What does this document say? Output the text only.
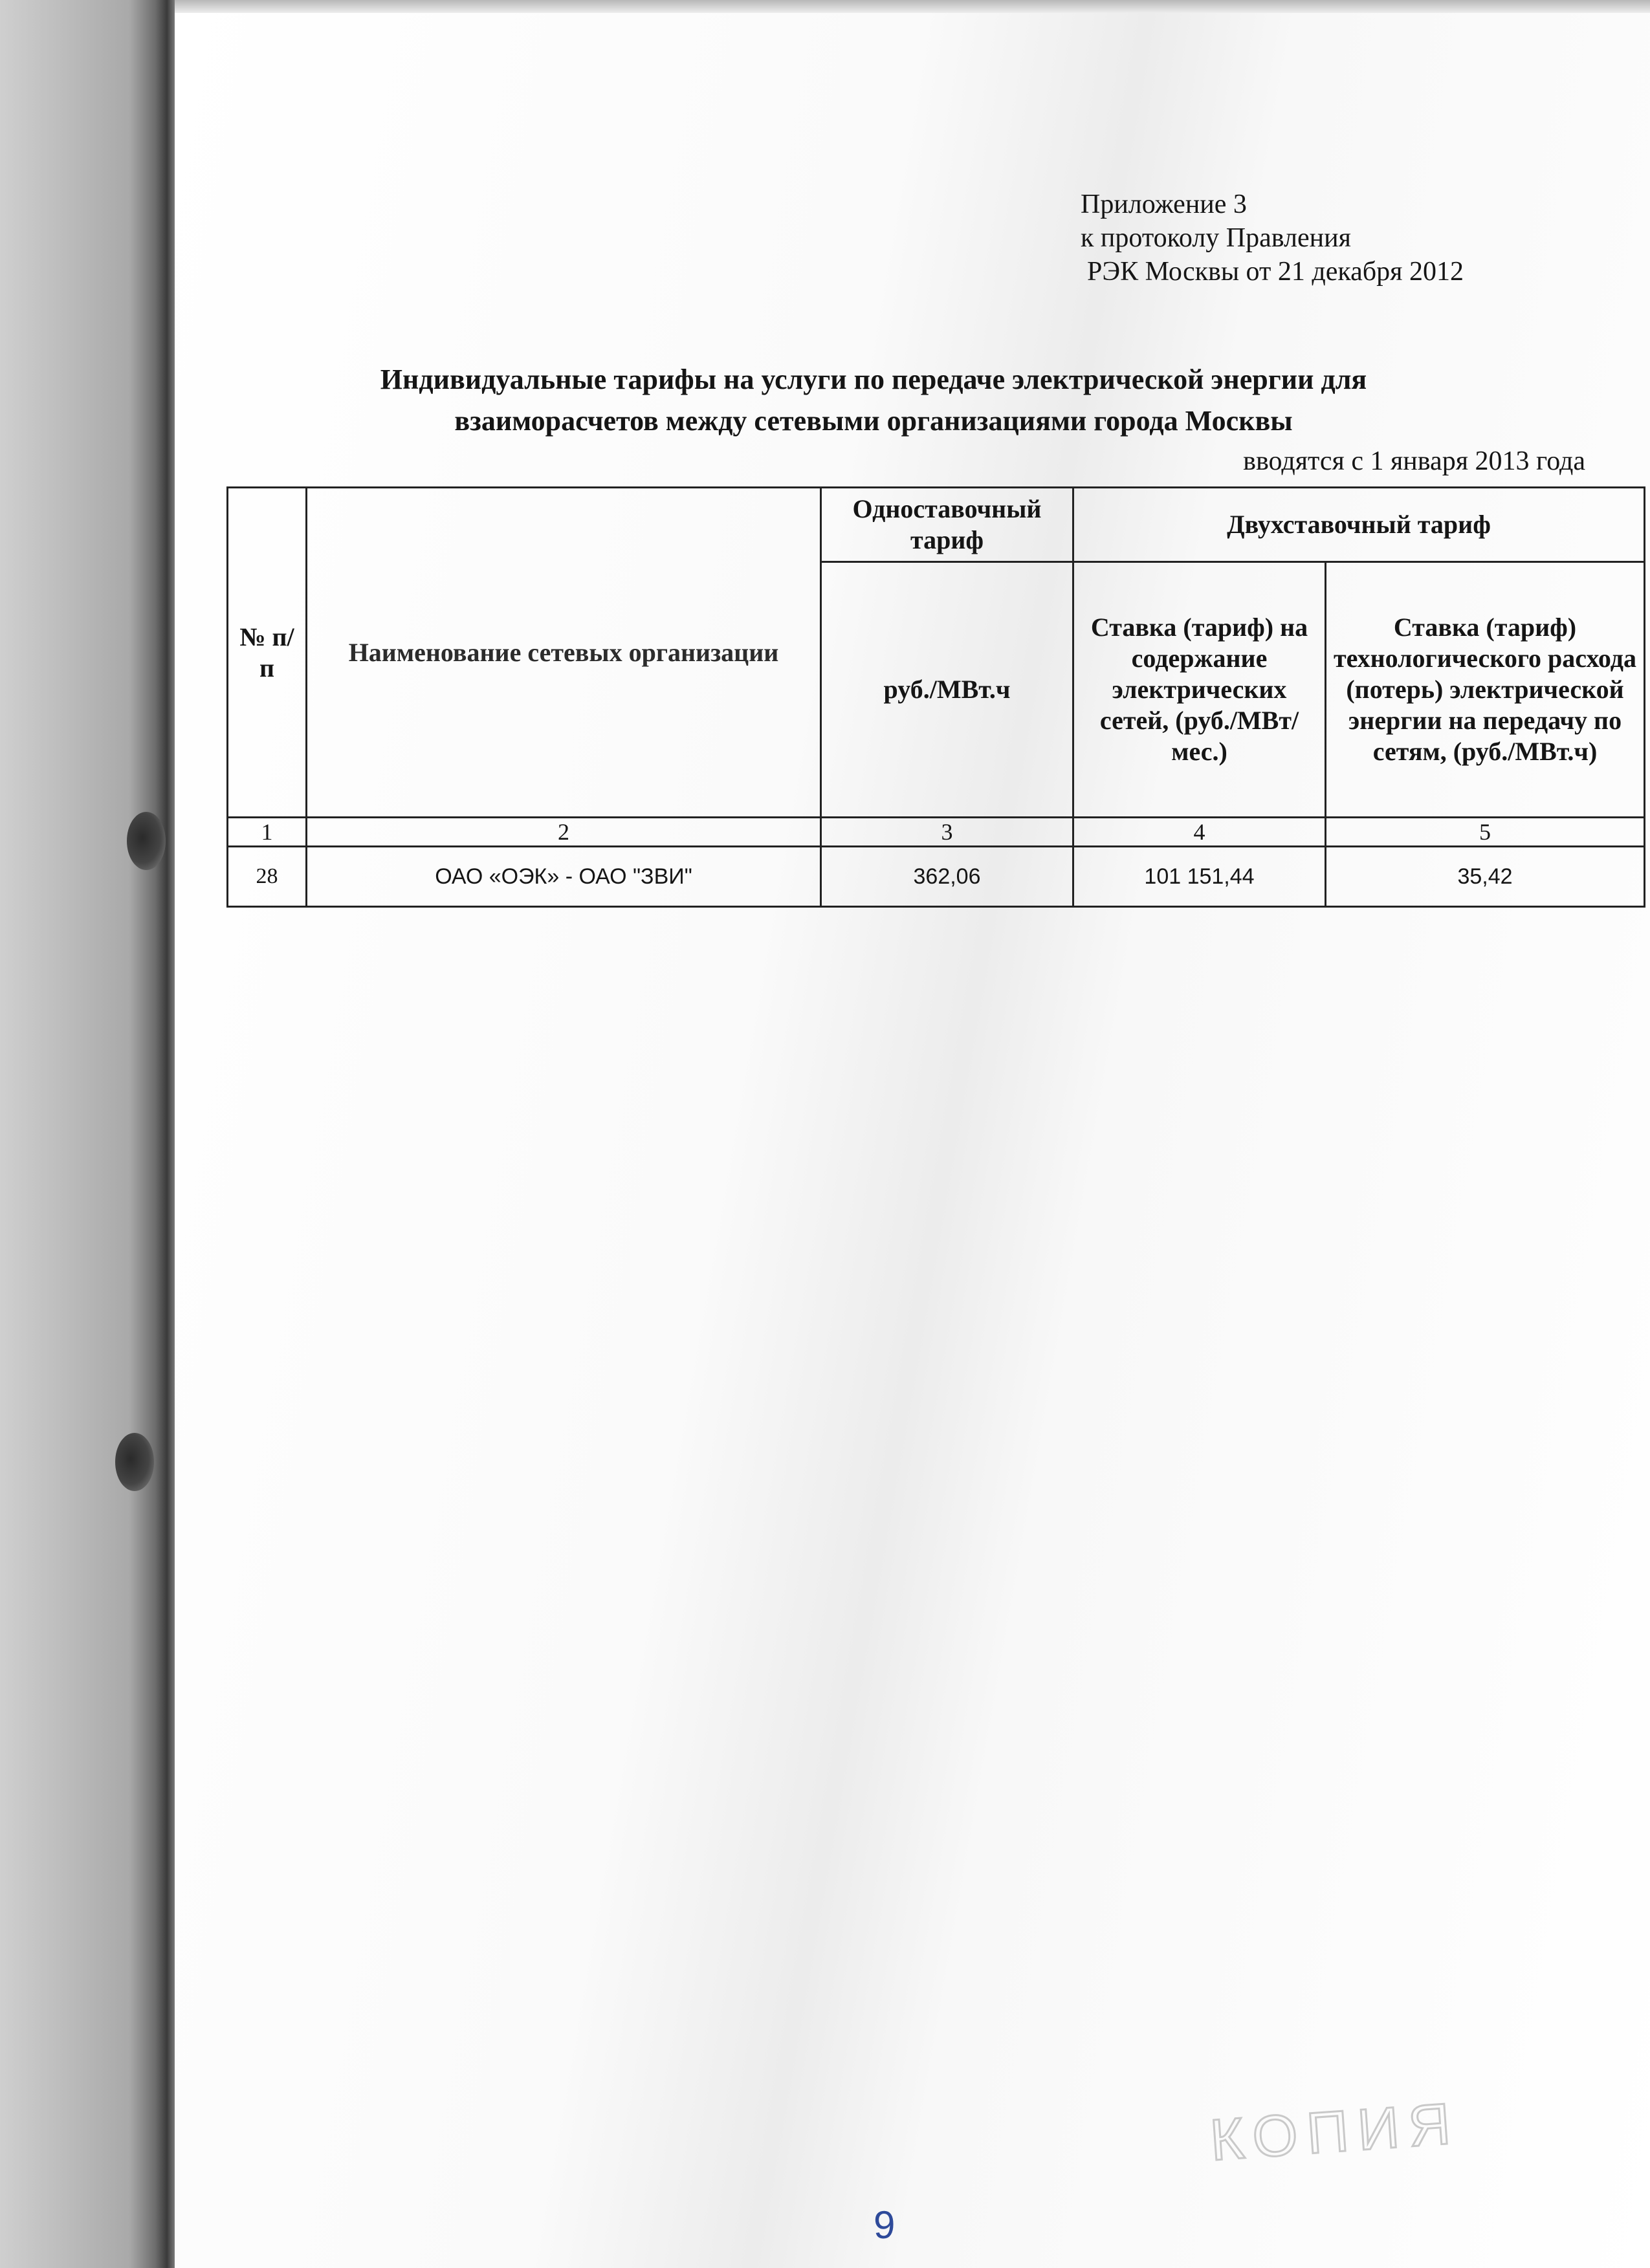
Приложение 3
к протоколу Правления
РЭК Москвы от 21 декабря 2012
Индивидуальные тарифы на услуги по передаче электрической энергии для
взаиморасчетов между сетевыми организациями города Москвы
вводятся с 1 января 2013 года
№ п/п	Наименование сетевых организации	Одноставочный тариф	Двухставочный тариф	
		руб./МВт.ч	Ставка (тариф) на содержание электрических сетей, (руб./МВт/мес.)	Ставка (тариф) технологического расхода (потерь) электрической энергии на передачу по сетям, (руб./МВт.ч)
1	2	3	4	5
28	ОАО «ОЭК» - ОАО "ЗВИ"	362,06	101 151,44	35,42
КОПИЯ
9
